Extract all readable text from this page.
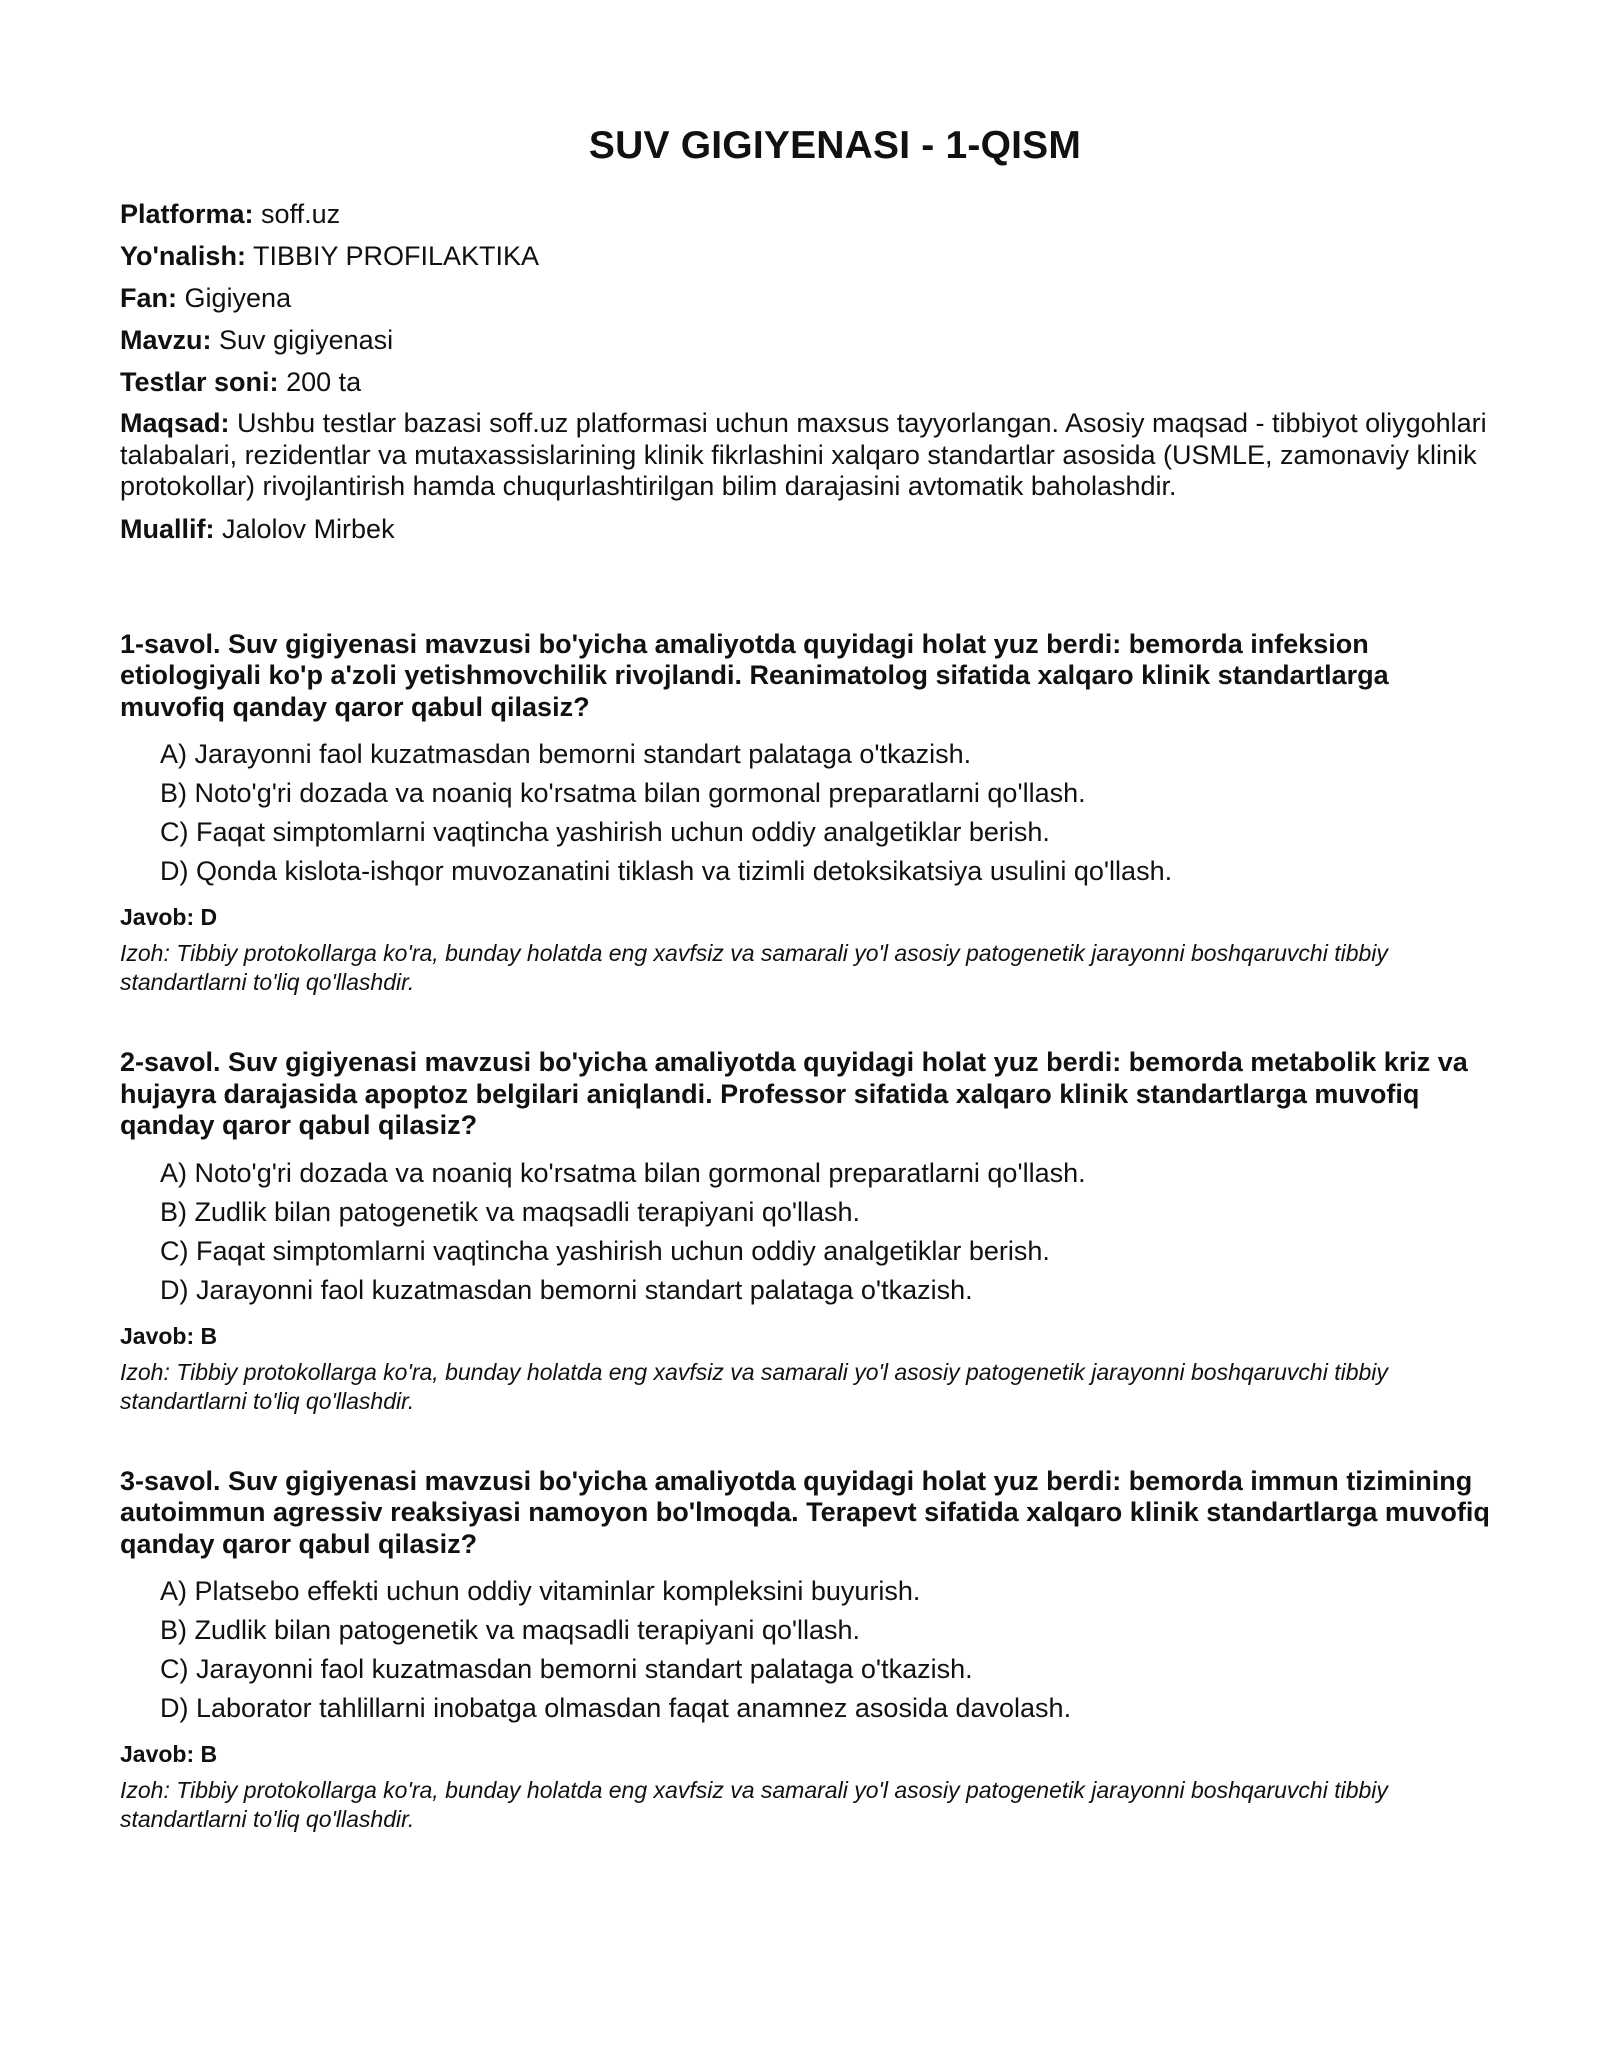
SUV GIGIYENASI - 1-QISM
Platforma: soff.uz
Yo'nalish: TIBBIY PROFILAKTIKA
Fan: Gigiyena
Mavzu: Suv gigiyenasi
Testlar soni: 200 ta
Maqsad: Ushbu testlar bazasi soff.uz platformasi uchun maxsus tayyorlangan. Asosiy maqsad - tibbiyot oliygohlari talabalari, rezidentlar va mutaxassislarining klinik fikrlashini xalqaro standartlar asosida (USMLE, zamonaviy klinik protokollar) rivojlantirish hamda chuqurlashtirilgan bilim darajasini avtomatik baholashdir.
Muallif: Jalolov Mirbek
1-savol. Suv gigiyenasi mavzusi bo'yicha amaliyotda quyidagi holat yuz berdi: bemorda infeksion etiologiyali ko'p a'zoli yetishmovchilik rivojlandi. Reanimatolog sifatida xalqaro klinik standartlarga muvofiq qanday qaror qabul qilasiz?
A) Jarayonni faol kuzatmasdan bemorni standart palataga o'tkazish.
B) Noto'g'ri dozada va noaniq ko'rsatma bilan gormonal preparatlarni qo'llash.
C) Faqat simptomlarni vaqtincha yashirish uchun oddiy analgetiklar berish.
D) Qonda kislota-ishqor muvozanatini tiklash va tizimli detoksikatsiya usulini qo'llash.
Javob: D
Izoh: Tibbiy protokollarga ko'ra, bunday holatda eng xavfsiz va samarali yo'l asosiy patogenetik jarayonni boshqaruvchi tibbiy standartlarni to'liq qo'llashdir.
2-savol. Suv gigiyenasi mavzusi bo'yicha amaliyotda quyidagi holat yuz berdi: bemorda metabolik kriz va hujayra darajasida apoptoz belgilari aniqlandi. Professor sifatida xalqaro klinik standartlarga muvofiq qanday qaror qabul qilasiz?
A) Noto'g'ri dozada va noaniq ko'rsatma bilan gormonal preparatlarni qo'llash.
B) Zudlik bilan patogenetik va maqsadli terapiyani qo'llash.
C) Faqat simptomlarni vaqtincha yashirish uchun oddiy analgetiklar berish.
D) Jarayonni faol kuzatmasdan bemorni standart palataga o'tkazish.
Javob: B
Izoh: Tibbiy protokollarga ko'ra, bunday holatda eng xavfsiz va samarali yo'l asosiy patogenetik jarayonni boshqaruvchi tibbiy standartlarni to'liq qo'llashdir.
3-savol. Suv gigiyenasi mavzusi bo'yicha amaliyotda quyidagi holat yuz berdi: bemorda immun tizimining autoimmun agressiv reaksiyasi namoyon bo'lmoqda. Terapevt sifatida xalqaro klinik standartlarga muvofiq qanday qaror qabul qilasiz?
A) Platsebo effekti uchun oddiy vitaminlar kompleksini buyurish.
B) Zudlik bilan patogenetik va maqsadli terapiyani qo'llash.
C) Jarayonni faol kuzatmasdan bemorni standart palataga o'tkazish.
D) Laborator tahlillarni inobatga olmasdan faqat anamnez asosida davolash.
Javob: B
Izoh: Tibbiy protokollarga ko'ra, bunday holatda eng xavfsiz va samarali yo'l asosiy patogenetik jarayonni boshqaruvchi tibbiy standartlarni to'liq qo'llashdir.
